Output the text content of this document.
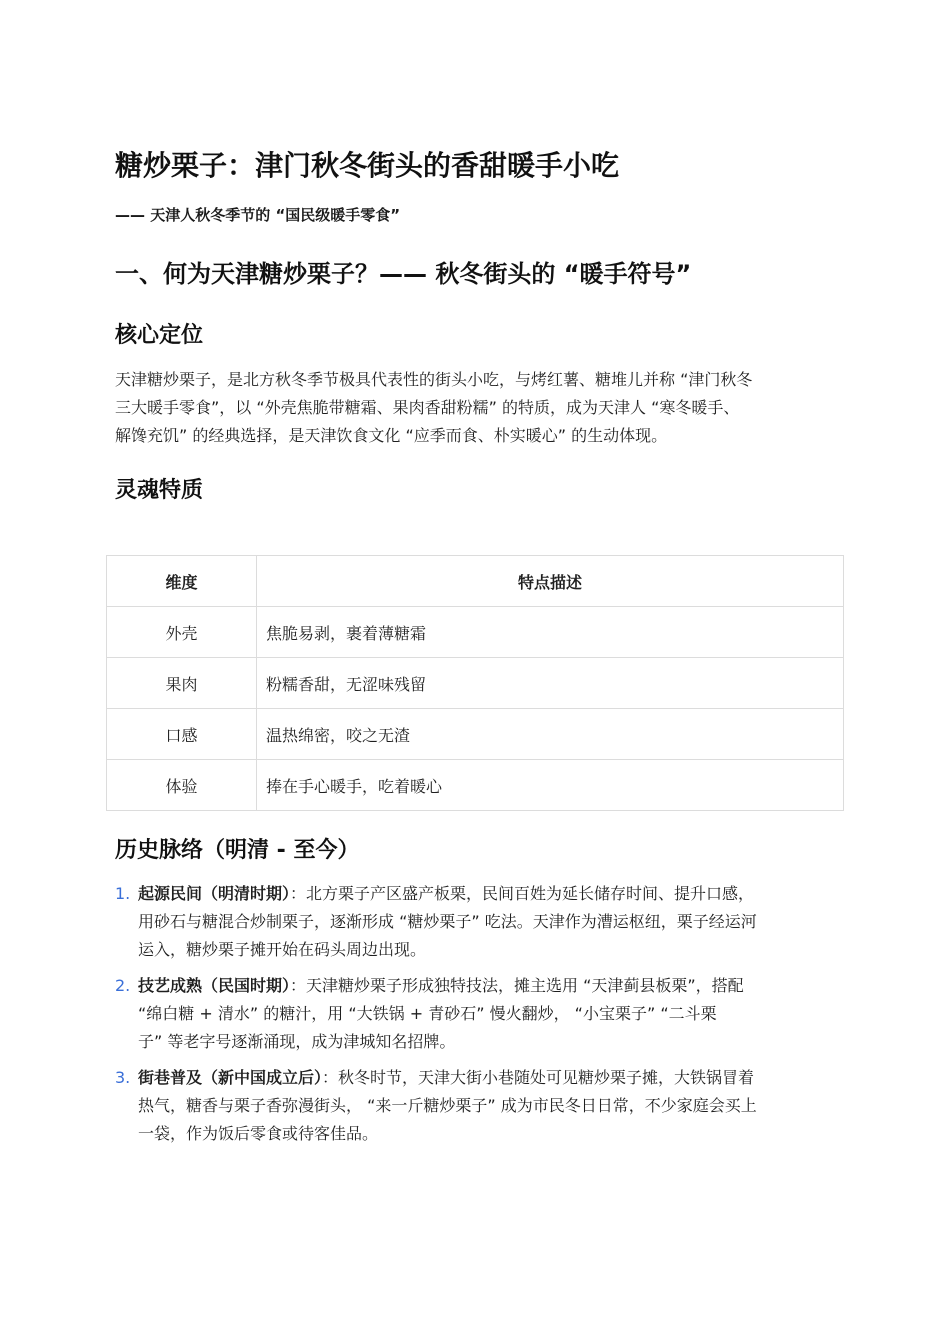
糖炒栗子：津门秋冬街头的香甜暖手小吃

—— 天津人秋冬季节的 “国民级暖手零食”

一、何为天津糖炒栗子？—— 秋冬街头的 “暖手符号”
核心定位

天津糖炒栗子，是北方秋冬季节极具代表性的街头小吃，与烤红薯、糖堆儿并称 “津门秋冬
三大暖手零食”，以 “外壳焦脆带糖霜、果肉香甜粉糯” 的特质，成为天津人 “寒冬暖手、
解馋充饥” 的经典选择，是天津饮食文化 “应季而食、朴实暖心” 的生动体现。

灵魂特质
维度	特点描述
外壳	焦脆易剥，裹着薄糖霜
果肉	粉糯香甜，无涩味残留
口感	温热绵密，咬之无渣
体验	捧在手心暖手，吃着暖心
历史脉络（明清 - 至今）
1. 起源民间（明清时期）：北方栗子产区盛产板栗，民间百姓为延长储存时间、提升口感，
用砂石与糖混合炒制栗子，逐渐形成 “糖炒栗子” 吃法。天津作为漕运枢纽，栗子经运河
运入，糖炒栗子摊开始在码头周边出现。
2. 技艺成熟（民国时期）：天津糖炒栗子形成独特技法，摊主选用 “天津蓟县板栗”，搭配
“绵白糖 + 清水” 的糖汁，用 “大铁锅 + 青砂石” 慢火翻炒， “小宝栗子” “二斗栗
子” 等老字号逐渐涌现，成为津城知名招牌。
3. 街巷普及（新中国成立后）：秋冬时节，天津大街小巷随处可见糖炒栗子摊，大铁锅冒着
热气，糖香与栗子香弥漫街头， “来一斤糖炒栗子” 成为市民冬日日常，不少家庭会买上
一袋，作为饭后零食或待客佳品。
